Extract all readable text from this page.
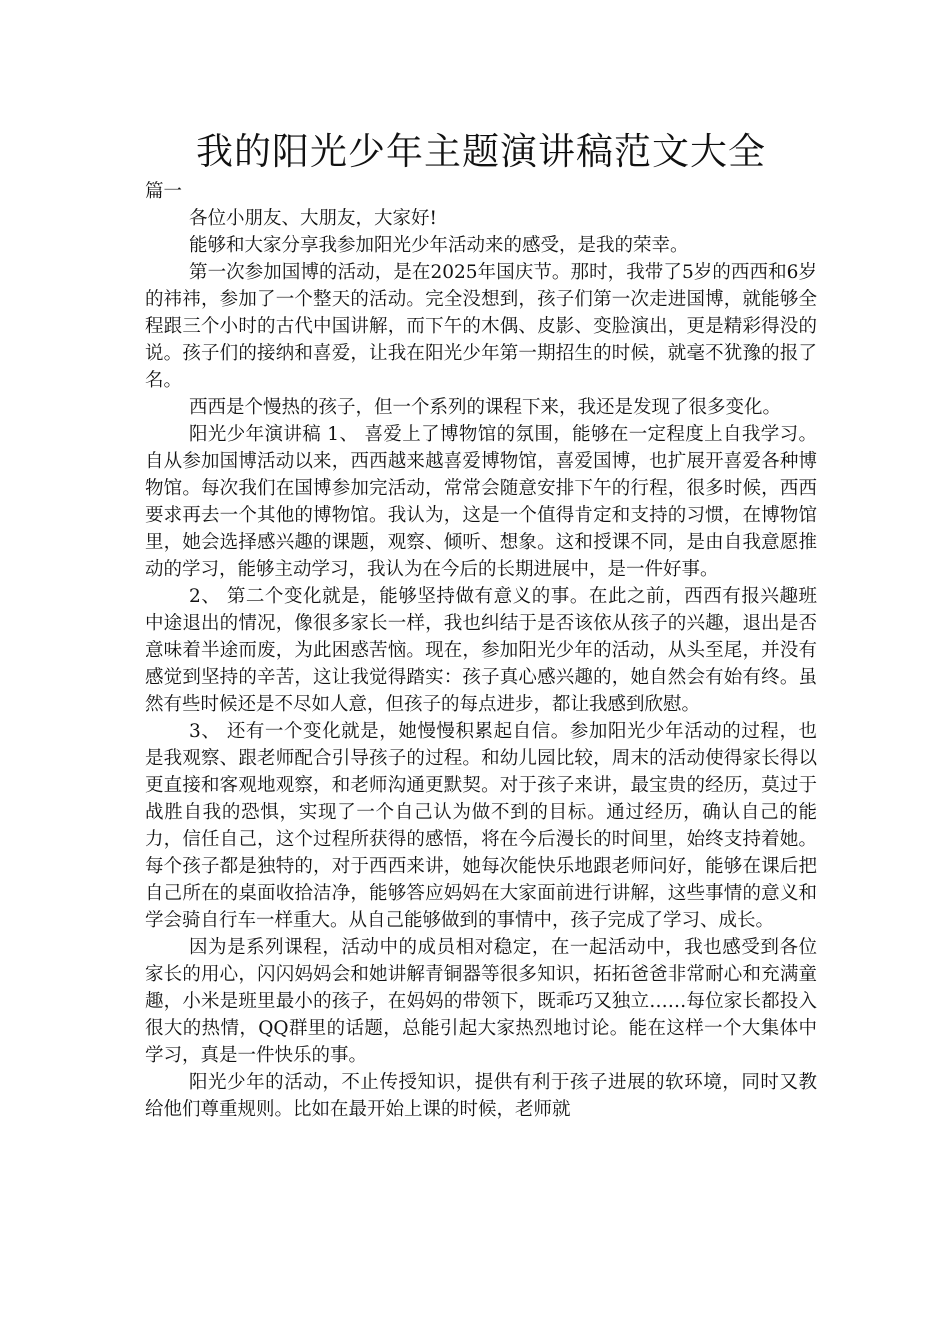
我的阳光少年主题演讲稿范文大全

篇一

各位小朋友、大朋友，大家好!

能够和大家分享我参加阳光少年活动来的感受，是我的荣幸。

第一次参加国博的活动，是在2025年国庆节。那时，我带了5岁的西西和6岁的祎祎，参加了一个整天的活动。完全没想到，孩子们第一次走进国博，就能够全程跟三个小时的古代中国讲解，而下午的木偶、皮影、变脸演出，更是精彩得没的说。孩子们的接纳和喜爱，让我在阳光少年第一期招生的时候，就毫不犹豫的报了名。

西西是个慢热的孩子，但一个系列的课程下来，我还是发现了很多变化。

阳光少年演讲稿 1、 喜爱上了博物馆的氛围，能够在一定程度上自我学习。自从参加国博活动以来，西西越来越喜爱博物馆，喜爱国博，也扩展开喜爱各种博物馆。每次我们在国博参加完活动，常常会随意安排下午的行程，很多时候，西西要求再去一个其他的博物馆。我认为，这是一个值得肯定和支持的习惯，在博物馆里，她会选择感兴趣的课题，观察、倾听、想象。这和授课不同，是由自我意愿推动的学习，能够主动学习，我认为在今后的长期进展中，是一件好事。

2、 第二个变化就是，能够坚持做有意义的事。在此之前，西西有报兴趣班中途退出的情况，像很多家长一样，我也纠结于是否该依从孩子的兴趣，退出是否意味着半途而废，为此困惑苦恼。现在，参加阳光少年的活动，从头至尾，并没有感觉到坚持的辛苦，这让我觉得踏实：孩子真心感兴趣的，她自然会有始有终。虽然有些时候还是不尽如人意，但孩子的每点进步，都让我感到欣慰。

3、 还有一个变化就是，她慢慢积累起自信。参加阳光少年活动的过程，也是我观察、跟老师配合引导孩子的过程。和幼儿园比较，周末的活动使得家长得以更直接和客观地观察，和老师沟通更默契。对于孩子来讲，最宝贵的经历，莫过于战胜自我的恐惧，实现了一个自己认为做不到的目标。通过经历，确认自己的能力，信任自己，这个过程所获得的感悟，将在今后漫长的时间里，始终支持着她。每个孩子都是独特的，对于西西来讲，她每次能快乐地跟老师问好，能够在课后把自己所在的桌面收拾洁净，能够答应妈妈在大家面前进行讲解，这些事情的意义和学会骑自行车一样重大。从自己能够做到的事情中，孩子完成了学习、成长。

因为是系列课程，活动中的成员相对稳定，在一起活动中，我也感受到各位家长的用心，闪闪妈妈会和她讲解青铜器等很多知识，拓拓爸爸非常耐心和充满童趣，小米是班里最小的孩子，在妈妈的带领下，既乖巧又独立……每位家长都投入很大的热情，QQ群里的话题，总能引起大家热烈地讨论。能在这样一个大集体中学习，真是一件快乐的事。

阳光少年的活动，不止传授知识，提供有利于孩子进展的软环境，同时又教给他们尊重规则。比如在最开始上课的时候，老师就
